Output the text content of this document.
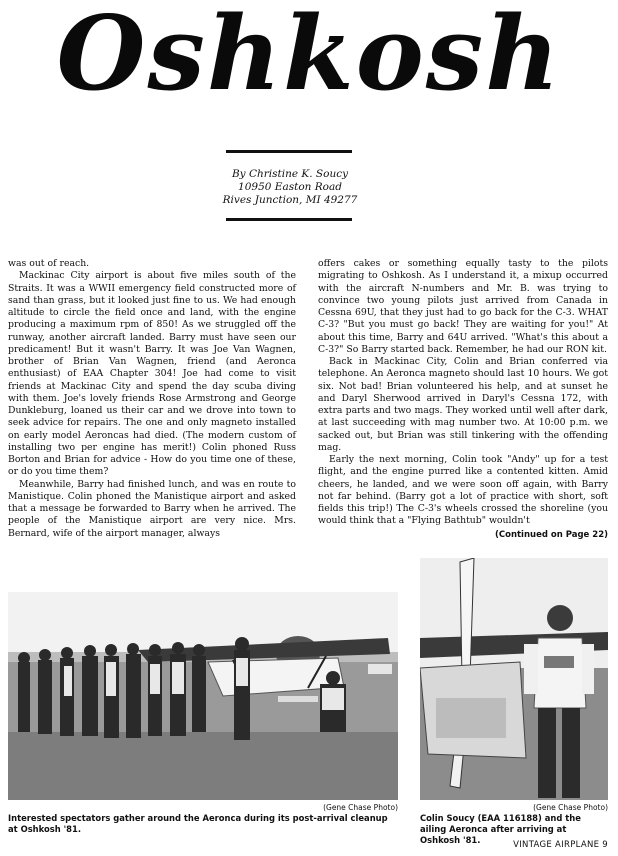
Oshkosh
By Christine K. Soucy
10950 Easton Road
Rives Junction, MI 49277

was out of reach.

Mackinac City airport is about five miles south of the Straits. It was a WWII emergency field constructed more of sand than grass, but it looked just fine to us. We had enough altitude to circle the field once and land, with the engine producing a maximum rpm of 850! As we struggled off the runway, another aircraft landed. Barry must have seen our predicament! But it wasn't Barry. It was Joe Van Wagnen, brother of Brian Van Wagnen, friend (and Aeronca enthusiast) of EAA Chapter 304! Joe had come to visit friends at Mackinac City and spend the day scuba diving with them. Joe's lovely friends Rose Armstrong and George Dunkleburg, loaned us their car and we drove into town to seek advice for repairs. The one and only magneto installed on early model Aeroncas had died. (The modern custom of installing two per engine has merit!) Colin phoned Russ Borton and Brian for advice - How do you time one of these, or do you time them?

Meanwhile, Barry had finished lunch, and was en route to Manistique. Colin phoned the Manistique airport and asked that a message be forwarded to Barry when he arrived. The people of the Manistique airport are very nice. Mrs. Bernard, wife of the airport manager, always

offers cakes or something equally tasty to the pilots migrating to Oshkosh. As I understand it, a mixup occurred with the aircraft N-numbers and Mr. B. was trying to convince two young pilots just arrived from Canada in Cessna 69U, that they just had to go back for the C-3. WHAT C-3? "But you must go back! They are waiting for you!" At about this time, Barry and 64U arrived. "What's this about a C-3?" So Barry started back. Remember, he had our RON kit.

Back in Mackinac City, Colin and Brian conferred via telephone. An Aeronca magneto should last 10 hours. We got six. Not bad! Brian volunteered his help, and at sunset he and Daryl Sherwood arrived in Daryl's Cessna 172, with extra parts and two mags. They worked until well after dark, at last succeeding with mag number two. At 10:00 p.m. we sacked out, but Brian was still tinkering with the offending mag.

Early the next morning, Colin took "Andy" up for a test flight, and the engine purred like a contented kitten. Amid cheers, he landed, and we were soon off again, with Barry not far behind. (Barry got a lot of practice with short, soft fields this trip!) The C-3's wheels crossed the shoreline (you would think that a "Flying Bathtub" wouldn't

(Continued on Page 22)
(Gene Chase Photo)
Interested spectators gather around the Aeronca during its post-arrival cleanup at Oshkosh '81.
(Gene Chase Photo)
Colin Soucy (EAA 116188) and the ailing Aeronca after arriving at Oshkosh '81.	VINTAGE AIRPLANE 9
